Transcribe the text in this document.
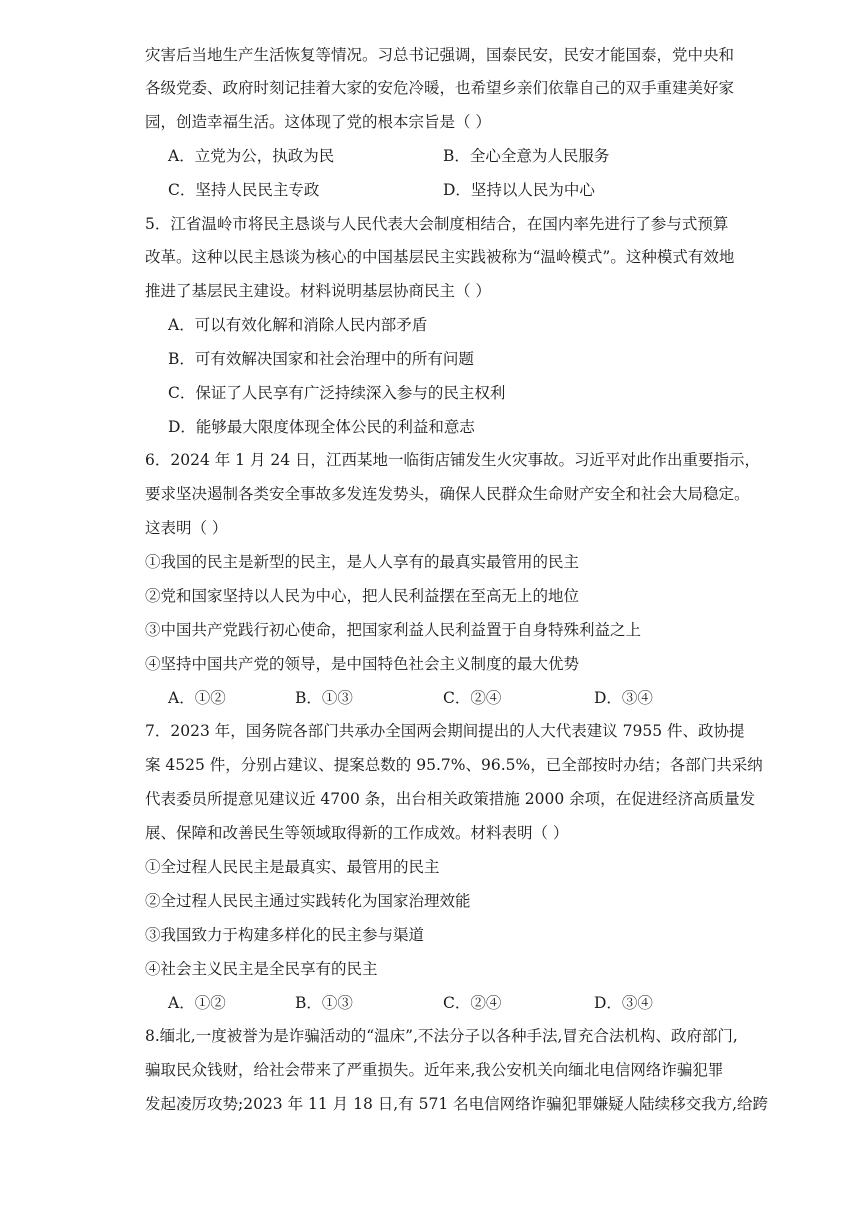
灾害后当地生产生活恢复等情况。习总书记强调，国泰民安，民安才能国泰，党中央和
各级党委、政府时刻记挂着大家的安危冷暖，也希望乡亲们依靠自己的双手重建美好家
园，创造幸福生活。这体现了党的根本宗旨是（ ）
A．立党为公，执政为民	B．全心全意为人民服务
C．坚持人民民主专政	D．坚持以人民为中心
5．江省温岭市将民主恳谈与人民代表大会制度相结合，在国内率先进行了参与式预算
改革。这种以民主恳谈为核心的中国基层民主实践被称为“温岭模式”。这种模式有效地
推进了基层民主建设。材料说明基层协商民主（ ）
A．可以有效化解和消除人民内部矛盾
B．可有效解决国家和社会治理中的所有问题
C．保证了人民享有广泛持续深入参与的民主权利
D．能够最大限度体现全体公民的利益和意志
6．2024 年 1 月 24 日，江西某地一临街店铺发生火灾事故。习近平对此作出重要指示，
要求坚决遏制各类安全事故多发连发势头，确保人民群众生命财产安全和社会大局稳定。
这表明（ ）
①我国的民主是新型的民主，是人人享有的最真实最管用的民主
②党和国家坚持以人民为中心，把人民利益摆在至高无上的地位
③中国共产党践行初心使命，把国家利益人民利益置于自身特殊利益之上
④坚持中国共产党的领导，是中国特色社会主义制度的最大优势
A．①②	B．①③	C．②④	D．③④
7．2023 年，国务院各部门共承办全国两会期间提出的人大代表建议 7955 件、政协提
案 4525 件，分别占建议、提案总数的 95.7%、96.5%，已全部按时办结；各部门共采纳
代表委员所提意见建议近 4700 条，出台相关政策措施 2000 余项，在促进经济高质量发
展、保障和改善民生等领域取得新的工作成效。材料表明（ ）
①全过程人民民主是最真实、最管用的民主
②全过程人民民主通过实践转化为国家治理效能
③我国致力于构建多样化的民主参与渠道
④社会主义民主是全民享有的民主
A．①②	B．①③	C．②④	D．③④
8.缅北,一度被誉为是诈骗活动的“温床”,不法分子以各种手法,冒充合法机构、政府部门,
骗取民众钱财，给社会带来了严重损失。近年来,我公安机关向缅北电信网络诈骗犯罪
发起凌厉攻势;2023 年 11 月 18 日,有 571 名电信网络诈骗犯罪嫌疑人陆续移交我方,给跨
